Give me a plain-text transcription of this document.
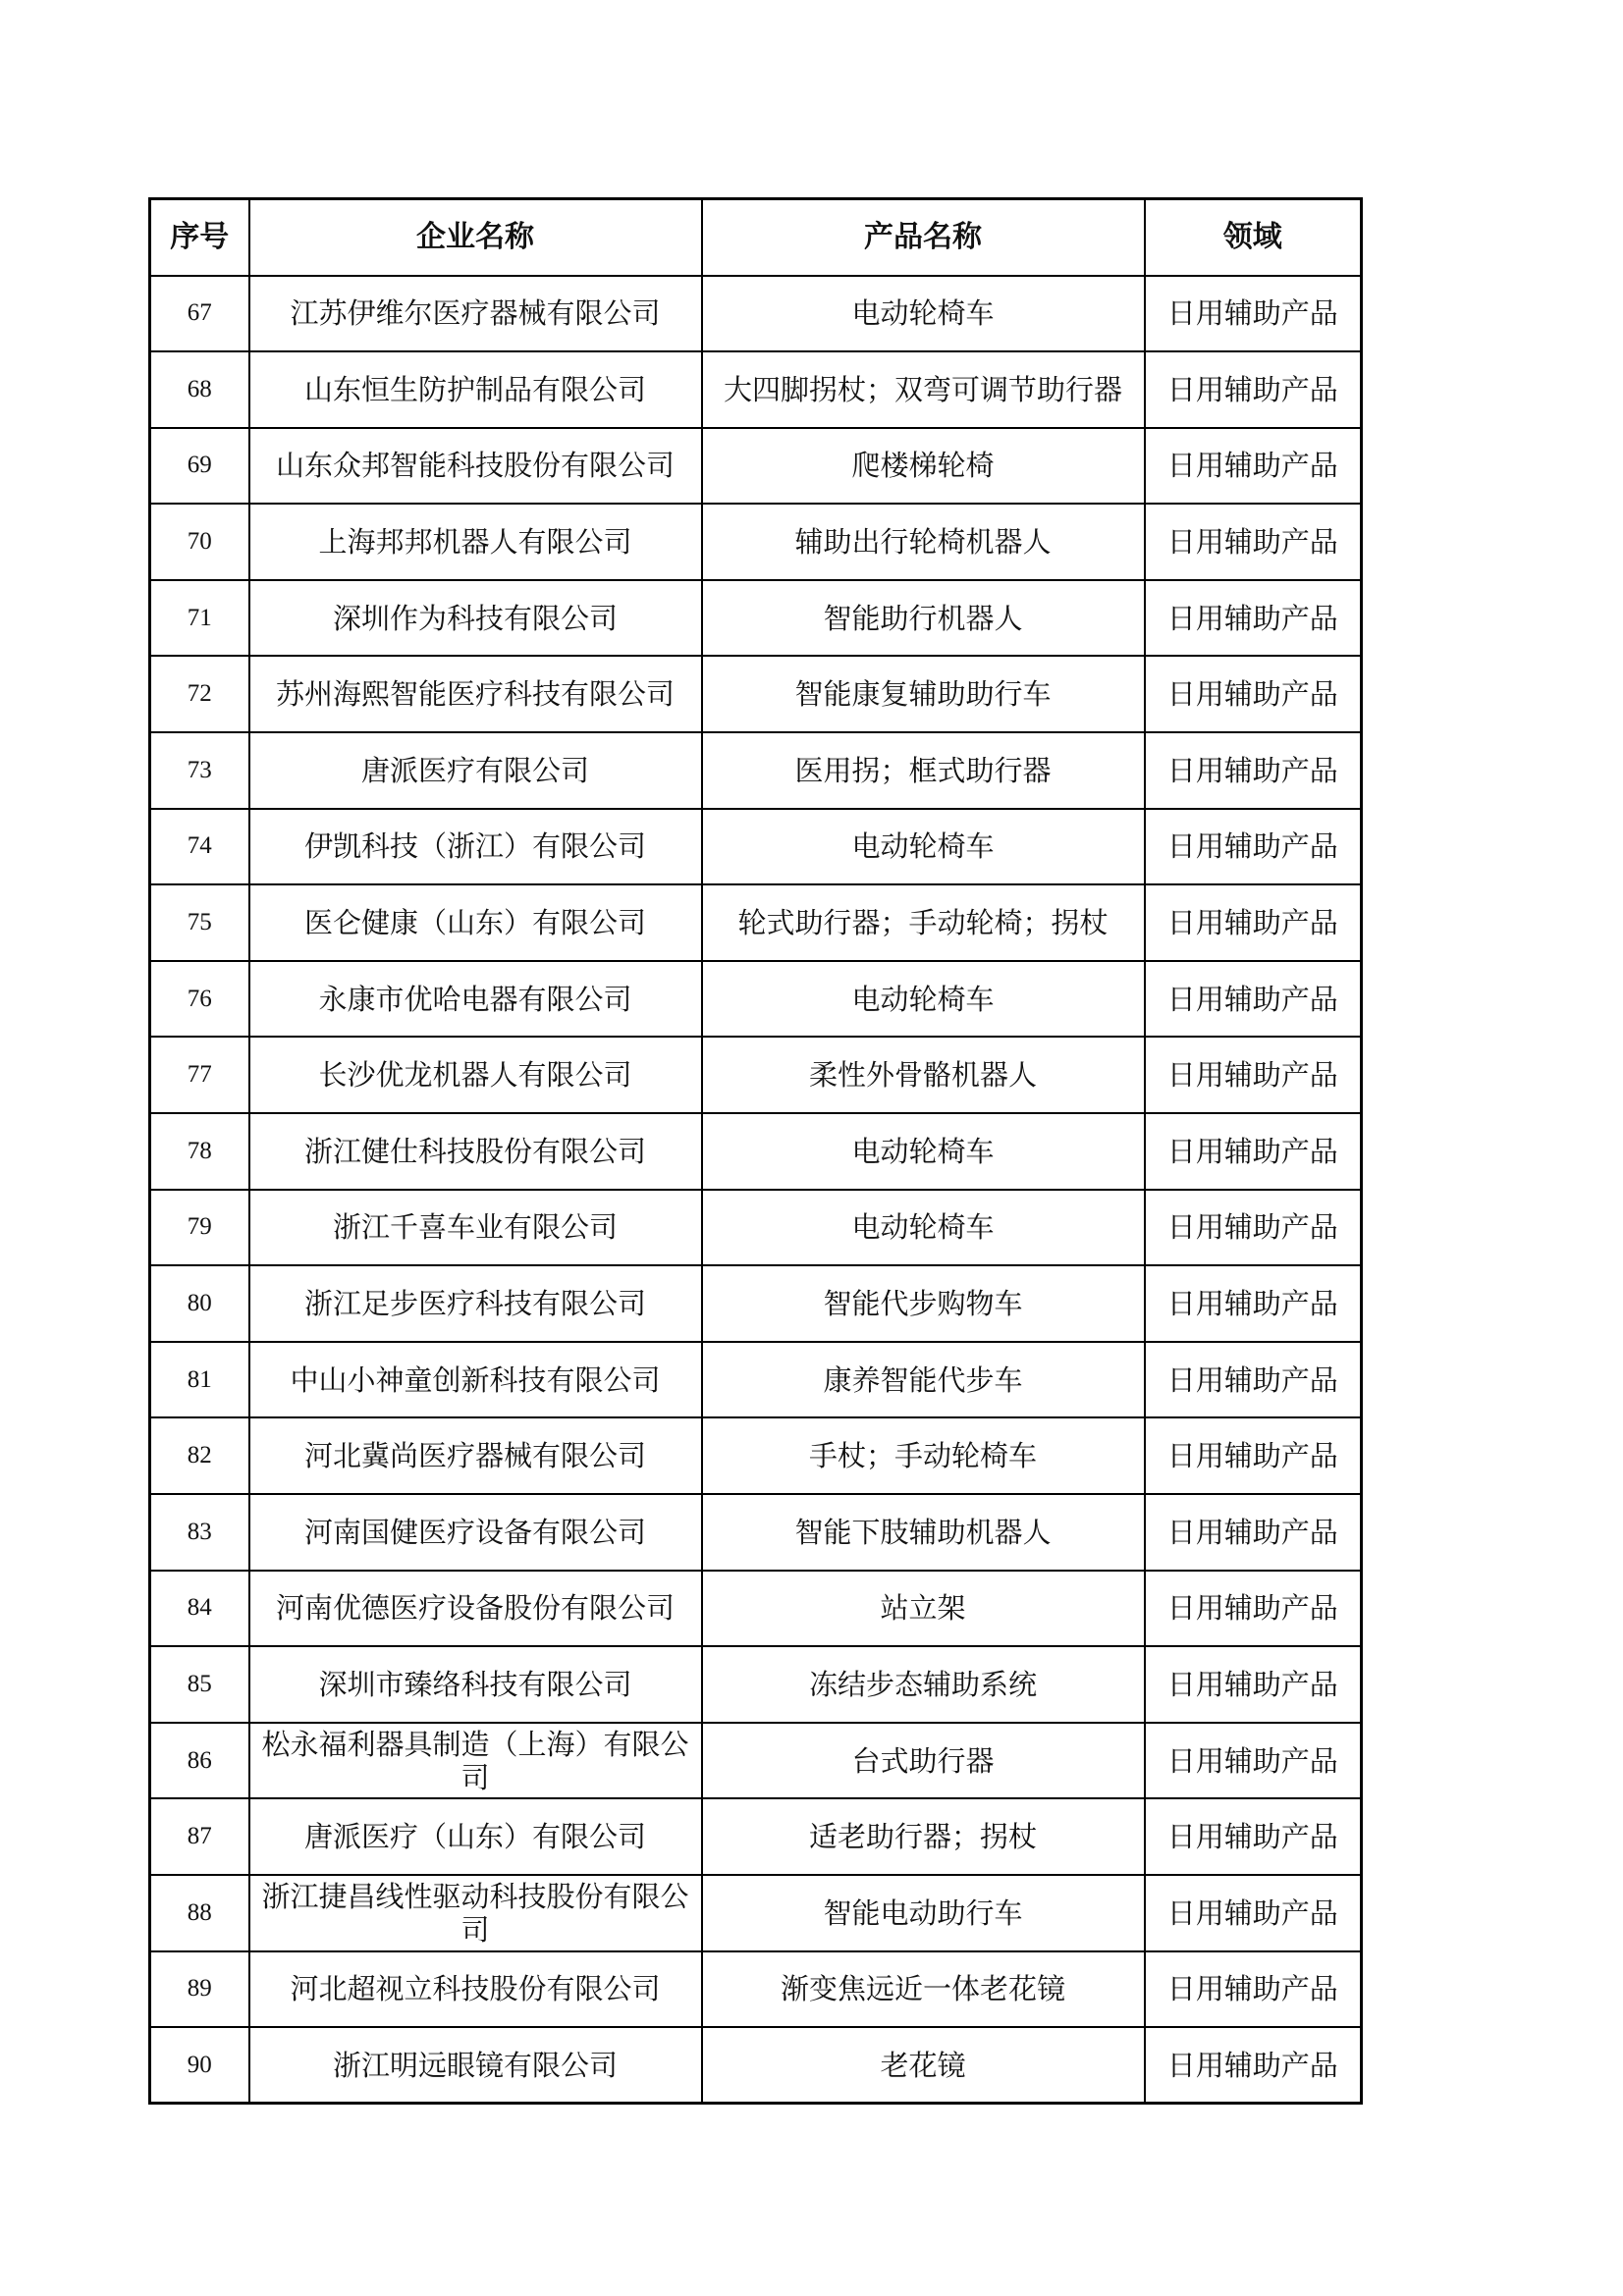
序号	企业名称	产品名称	领域
67	江苏伊维尔医疗器械有限公司	电动轮椅车	日用辅助产品
68	山东恒生防护制品有限公司	大四脚拐杖；双弯可调节助行器	日用辅助产品
69	山东众邦智能科技股份有限公司	爬楼梯轮椅	日用辅助产品
70	上海邦邦机器人有限公司	辅助出行轮椅机器人	日用辅助产品
71	深圳作为科技有限公司	智能助行机器人	日用辅助产品
72	苏州海熙智能医疗科技有限公司	智能康复辅助助行车	日用辅助产品
73	唐派医疗有限公司	医用拐；框式助行器	日用辅助产品
74	伊凯科技（浙江）有限公司	电动轮椅车	日用辅助产品
75	医仑健康（山东）有限公司	轮式助行器；手动轮椅；拐杖	日用辅助产品
76	永康市优哈电器有限公司	电动轮椅车	日用辅助产品
77	长沙优龙机器人有限公司	柔性外骨骼机器人	日用辅助产品
78	浙江健仕科技股份有限公司	电动轮椅车	日用辅助产品
79	浙江千喜车业有限公司	电动轮椅车	日用辅助产品
80	浙江足步医疗科技有限公司	智能代步购物车	日用辅助产品
81	中山小神童创新科技有限公司	康养智能代步车	日用辅助产品
82	河北冀尚医疗器械有限公司	手杖；手动轮椅车	日用辅助产品
83	河南国健医疗设备有限公司	智能下肢辅助机器人	日用辅助产品
84	河南优德医疗设备股份有限公司	站立架	日用辅助产品
85	深圳市臻络科技有限公司	冻结步态辅助系统	日用辅助产品
86	松永福利器具制造（上海）有限公司	台式助行器	日用辅助产品
87	唐派医疗（山东）有限公司	适老助行器；拐杖	日用辅助产品
88	浙江捷昌线性驱动科技股份有限公司	智能电动助行车	日用辅助产品
89	河北超视立科技股份有限公司	渐变焦远近一体老花镜	日用辅助产品
90	浙江明远眼镜有限公司	老花镜	日用辅助产品
